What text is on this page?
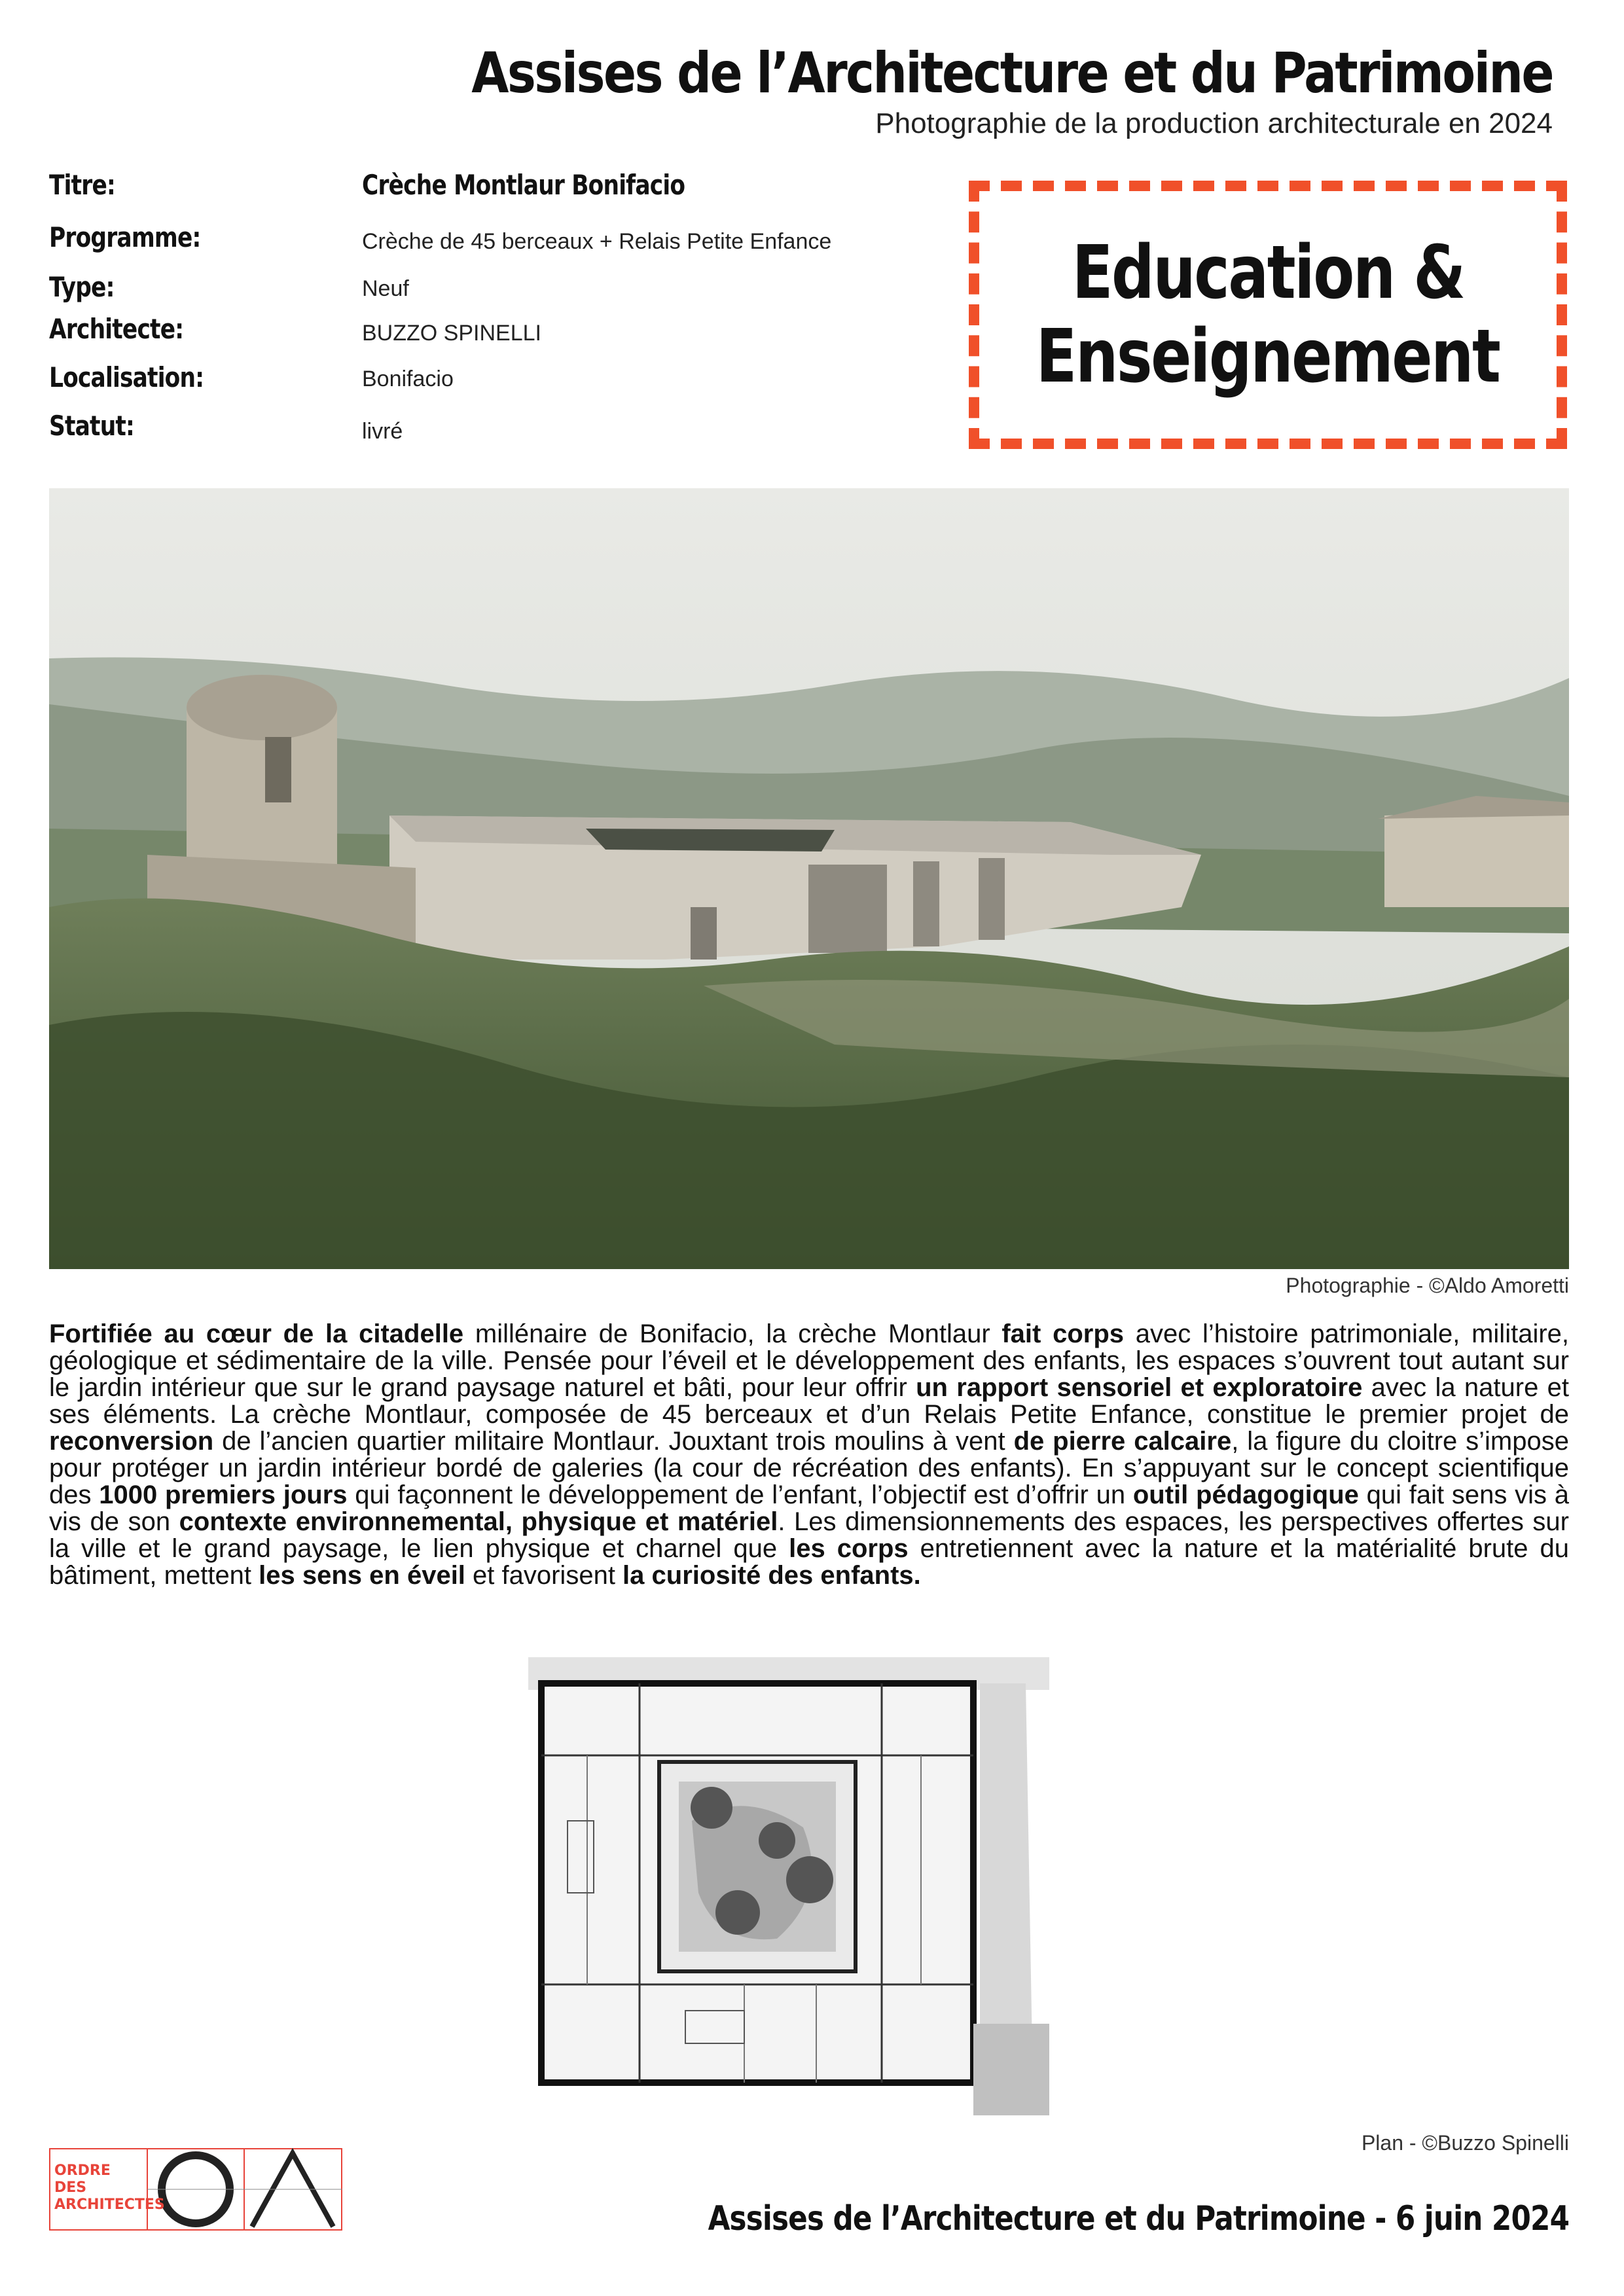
Assises de l’Architecture et du Patrimoine
Photographie de la production architecturale en 2024
Titre:	Crèche Montlaur Bonifacio
Programme:	Crèche de 45 berceaux + Relais Petite Enfance
Type:	Neuf
Architecte:	BUZZO SPINELLI
Localisation:	Bonifacio
Statut:	livré
Education &
Enseignement
Photographie - ©Aldo Amoretti
Fortifiée au cœur de la citadelle millénaire de Bonifacio, la crèche Montlaur fait corps avec l’histoire patrimoniale, militaire, géologique et sédimentaire de la ville. Pensée pour l’éveil et le développement des enfants, les espaces s’ouvrent tout autant sur le jardin intérieur que sur le grand paysage naturel et bâti, pour leur offrir un rapport sensoriel et exploratoire avec la nature et ses éléments. La crèche Montlaur, composée de 45 berceaux et d’un Relais Petite Enfance, constitue le premier projet de reconversion de l’ancien quartier militaire Montlaur. Jouxtant trois moulins à vent de pierre calcaire, la figure du cloitre s’impose pour protéger un jardin intérieur bordé de galeries (la cour de récréation des enfants). En s’appuyant sur le concept scientifique des 1000 premiers jours qui façonnent le développement de l’enfant, l’objectif est d’offrir un outil pédagogique qui fait sens vis à vis de son contexte environnemental, physique et matériel. Les dimensionnements des espaces, les perspectives offertes sur la ville et le grand paysage, le lien physique et charnel que les corps entretiennent avec la nature et la matérialité brute du bâtiment, mettent les sens en éveil et favorisent la curiosité des enfants.
Plan - ©Buzzo Spinelli
ORDRE
DES
ARCHITECTES	Assises de l’Architecture et du Patrimoine - 6 juin 2024
